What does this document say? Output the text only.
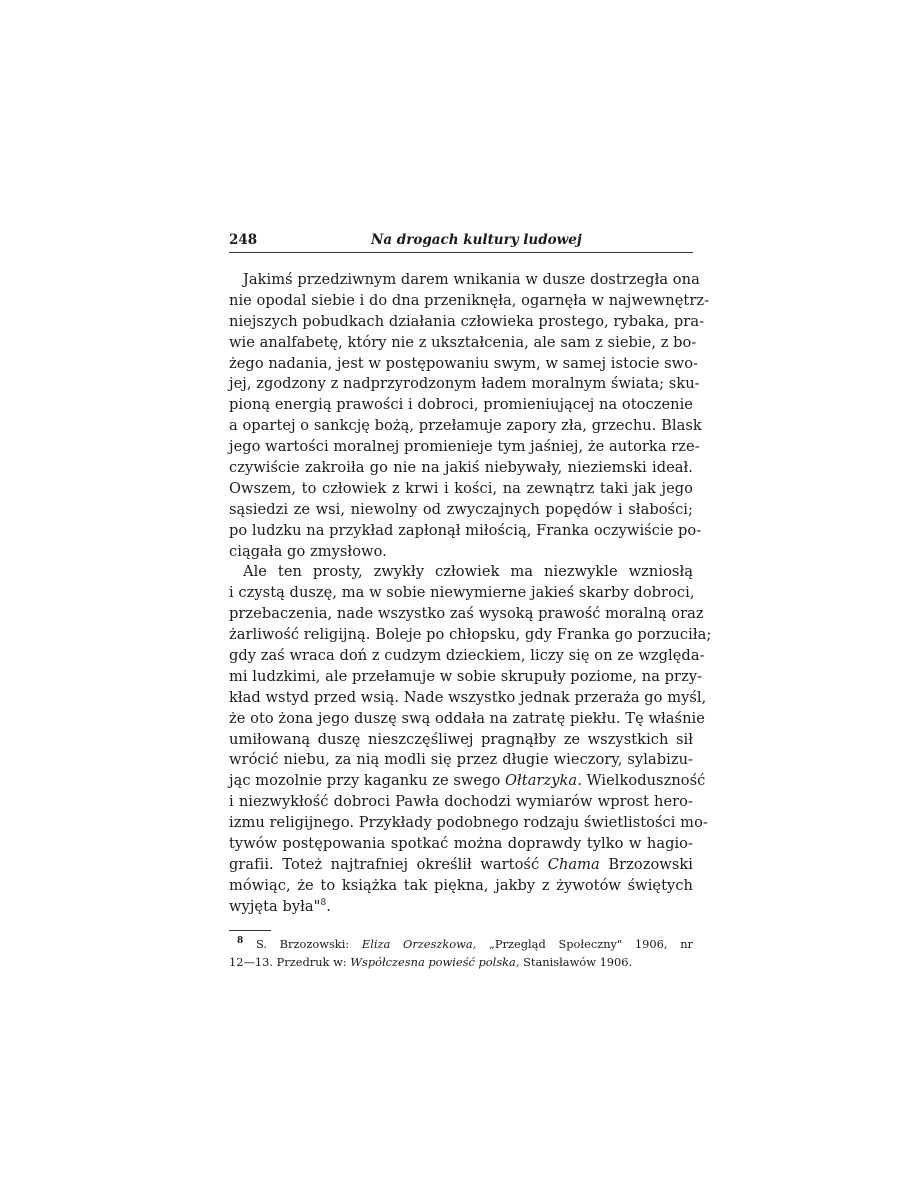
248	Na drogach kultury ludowej
Jakimś przedziwnym darem wnikania w dusze dostrzegła ona
nie opodal siebie i do dna przeniknęła, ogarnęła w najwewnętrz-
niejszych pobudkach działania człowieka prostego, rybaka, pra-
wie analfabetę, który nie z ukształcenia, ale sam z siebie, z bo-
żego nadania, jest w postępowaniu swym, w samej istocie swo-
jej, zgodzony z nadprzyrodzonym ładem moralnym świata; sku-
pioną energią prawości i dobroci, promieniującej na otoczenie
a opartej o sankcję bożą, przełamuje zapory zła, grzechu. Blask
jego wartości moralnej promienieje tym jaśniej, że autorka rze-
czywiście zakroiła go nie na jakiś niebywały, nieziemski ideał.
Owszem, to człowiek z krwi i kości, na zewnątrz taki jak jego
sąsiedzi ze wsi, niewolny od zwyczajnych popędów i słabości;
po ludzku na przykład zapłonął miłością, Franka oczywiście po-
ciągała go zmysłowo.
Ale ten prosty, zwykły człowiek ma niezwykle wzniosłą
i czystą duszę, ma w sobie niewymierne jakieś skarby dobroci,
przebaczenia, nade wszystko zaś wysoką prawość moralną oraz
żarliwość religijną. Boleje po chłopsku, gdy Franka go porzuciła;
gdy zaś wraca doń z cudzym dzieckiem, liczy się on ze względa-
mi ludzkimi, ale przełamuje w sobie skrupuły poziome, na przy-
kład wstyd przed wsią. Nade wszystko jednak przeraża go myśl,
że oto żona jego duszę swą oddała na zatratę piekłu. Tę właśnie
umiłowaną duszę nieszczęśliwej pragnąłby ze wszystkich sił
wrócić niebu, za nią modli się przez długie wieczory, sylabizu-
jąc mozolnie przy kaganku ze swego Ołtarzyka. Wielkoduszność
i niezwykłość dobroci Pawła dochodzi wymiarów wprost hero-
izmu religijnego. Przykłady podobnego rodzaju świetlistości mo-
tywów postępowania spotkać można doprawdy tylko w hagio-
grafii. Toteż najtrafniej określił wartość Chama Brzozowski
mówiąc, że to książka tak piękna, jakby z żywotów świętych
wyjęta była"$^8$.
$^8$ S. Brzozowski: Eliza Orzeszkowa, „Przegląd Społeczny" 1906, nr
12—13. Przedruk w: Współczesna powieść polska, Stanisławów 1906.
